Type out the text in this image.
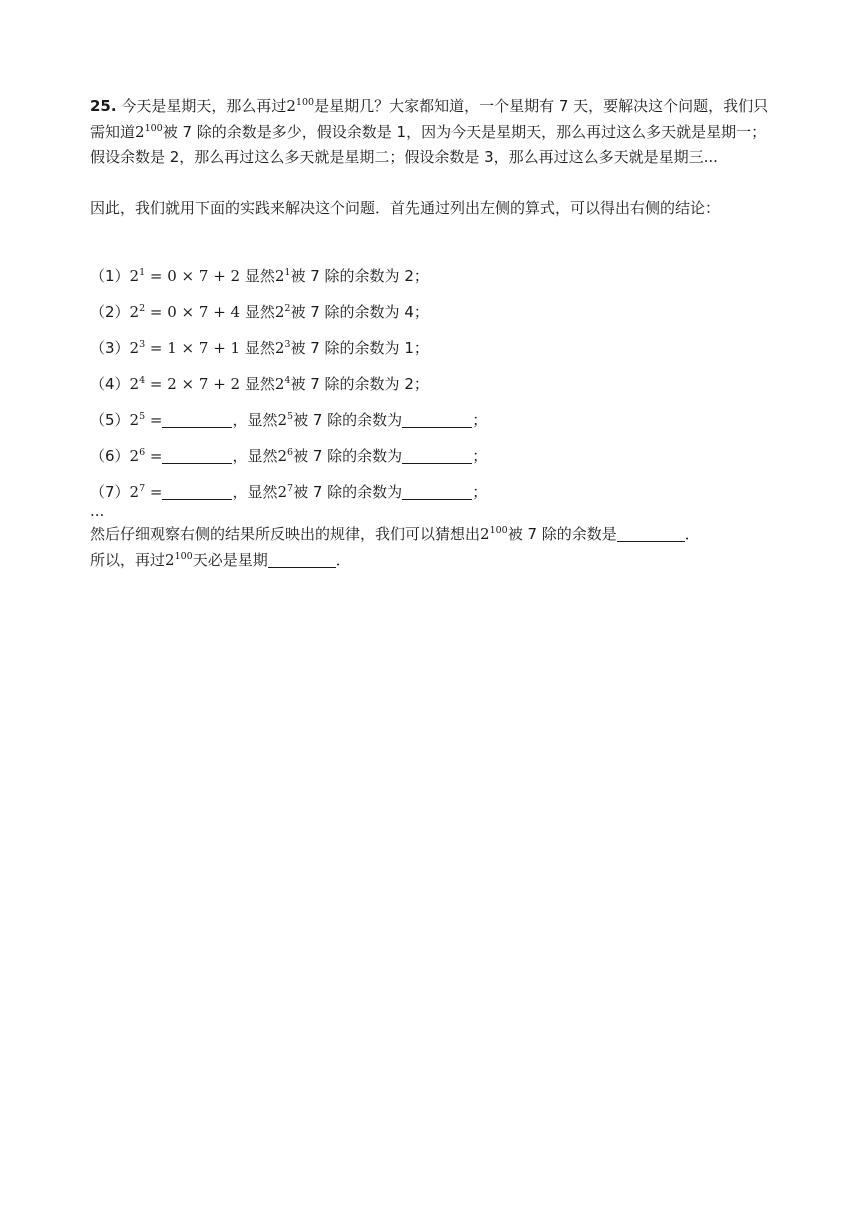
25. 今天是星期天，那么再过$2^{100}$是星期几？大家都知道，一个星期有 7 天，要解决这个问题，我们只需知道$2^{100}$被 7 除的余数是多少，假设余数是 1，因为今天是星期天，那么再过这么多天就是星期一；假设余数是 2，那么再过这么多天就是星期二；假设余数是 3，那么再过这么多天就是星期三...
因此，我们就用下面的实践来解决这个问题．首先通过列出左侧的算式，可以得出右侧的结论：
$(1)2^1 = 0 \times 7 + 2$ 显然$2^1$被 7 除的余数为 2；
$(2)2^2 = 0 \times 7 + 4$ 显然$2^2$被 7 除的余数为 4；
$(3)2^3 = 1 \times 7 + 1$ 显然$2^3$被 7 除的余数为 1；
$(4)2^4 = 2 \times 7 + 2$ 显然$2^4$被 7 除的余数为 2；
$(5)2^5$ =	，显然$2^5$被 7 除的余数为	；
$(6)2^6$ =	，显然$2^6$被 7 除的余数为	；
$(7)2^7$ =	，显然$2^7$被 7 除的余数为	；
...
然后仔细观察右侧的结果所反映出的规律，我们可以猜想出$2^{100}$被 7 除的余数是	．
所以，再过$2^{100}$天必是星期	．
